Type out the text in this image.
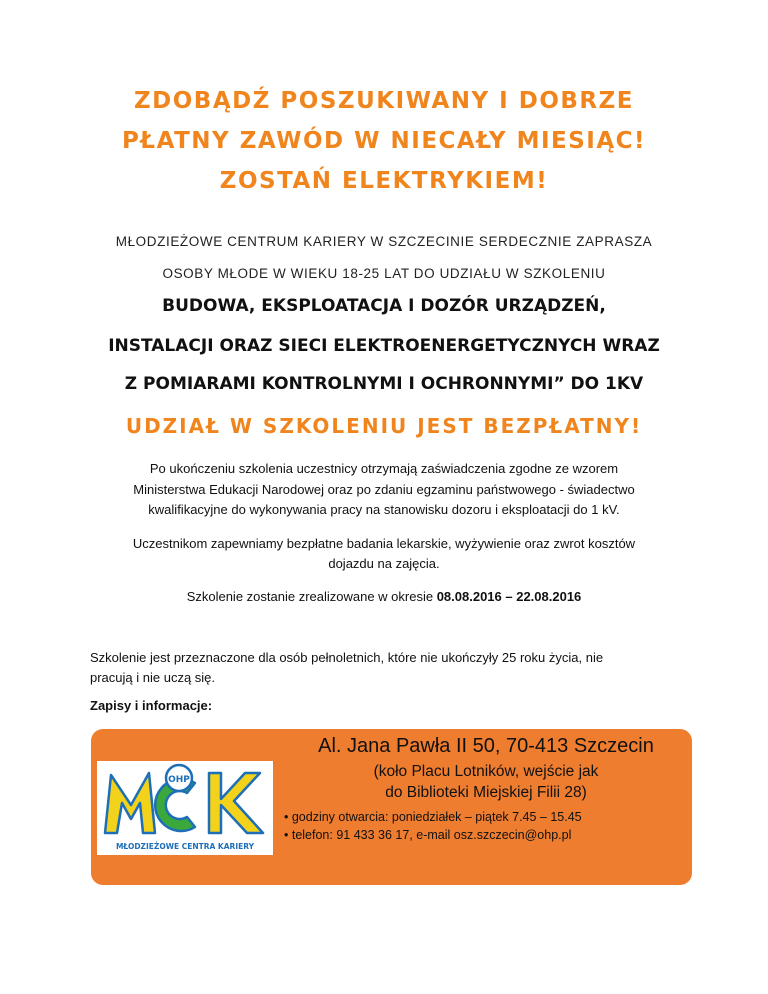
ZDOBĄDŹ POSZUKIWANY I DOBRZE
PŁATNY ZAWÓD W NIECAŁY MIESIĄC!
ZOSTAŃ ELEKTRYKIEM!

MŁODZIEŻOWE CENTRUM KARIERY W SZCZECINIE SERDECZNIE ZAPRASZA

OSOBY MŁODE W WIEKU 18-25 LAT DO UDZIAŁU W SZKOLENIU

BUDOWA, EKSPLOATACJA I DOZÓR URZĄDZEŃ,

INSTALACJI ORAZ SIECI ELEKTROENERGETYCZNYCH WRAZ

Z POMIARAMI KONTROLNYMI I OCHRONNYMI” DO 1KV

UDZIAŁ W SZKOLENIU JEST BEZPŁATNY!

Po ukończeniu szkolenia uczestnicy otrzymają zaświadczenia zgodne ze wzorem

Ministerstwa Edukacji Narodowej oraz po zdaniu egzaminu państwowego - świadectwo

kwalifikacyjne do wykonywania pracy na stanowisku dozoru i eksploatacji do 1 kV.

Uczestnikom zapewniamy bezpłatne badania lekarskie, wyżywienie oraz zwrot kosztów

dojazdu na zajęcia.

Szkolenie zostanie zrealizowane w okresie 08.08.2016 – 22.08.2016

Szkolenie jest przeznaczone dla osób pełnoletnich, które nie ukończyły 25 roku życia, nie

pracują i nie uczą się.

Zapisy i informacje:

OHP
MŁODZIEŻOWE CENTRA KARIERY

Al. Jana Pawła II 50, 70-413 Szczecin

(koło Placu Lotników, wejście jak

do Biblioteki Miejskiej Filii 28)

• godziny otwarcia: poniedziałek – piątek 7.45 – 15.45

• telefon: 91 433 36 17, e-mail osz.szczecin@ohp.pl
